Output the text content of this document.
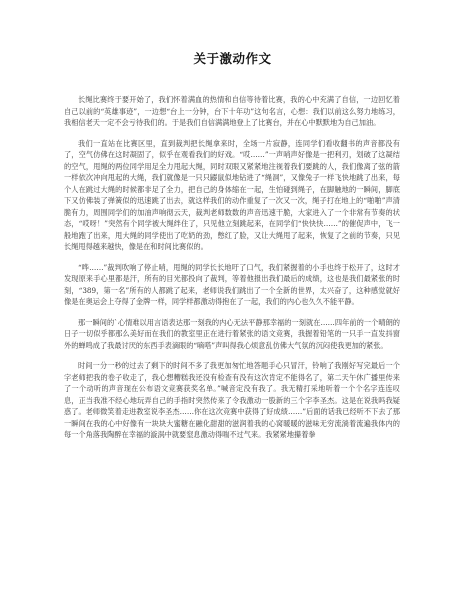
关于激动作文

长绳比赛终于要开始了，我们怀着满血的热情和自信等待着比赛，我的心中充满了自信，一边回忆着自己以前的“英雄事迹”，一边想“台上一分钟，台下十年功”这句名言，心想：我们以前这么努力地练习，我相信老天一定不会亏待我们的。于是我们自信满满地登上了比赛台，并在心中默默地为自己加油。

我们一直站在比赛区里，直到裁判把长绳拿来时，全场一片寂静，连同学们看收翻书的声音都没有了，空气仿佛在这时凝固了，似乎在观看我们的好戏。“哎……”一声哨声好像是一把利刃，划破了这凝结的空气，甩绳的两位同学用足全力甩起大绳，同时双眼又紧紧地注视着我们要跳的人，我们像离了弦的箭一样依次冲向甩起的大绳，我们就像是一只只鼹鼠似地钻进了“绳洞”，又像兔子一样飞快地跳了出来，每个人在跳过大绳的时候都非足了全力，把自己的身体缩在一起，生怕碰到绳子，在脚触地的一瞬间，脚底下又仿佛装了弹簧似的迅速跳了出去，就这样我们的动作重复了一次又一次，绳子打在地上的“啪啪”声清脆有力，周围同学们的加油声响彻云天，裁判老师数数的声音迅速干脆，大家进入了一个非常有节奏的状态，“哎呀！”突然有个同学被大绳绊住了，只见他立刻跳起来，在同学们“快快快……”的催促声中，飞一般地跑了出来，甩大绳的同学使出了吃奶的劲，憋红了脸，又让大绳甩了起来，恢复了之前的节奏，只见长绳甩得越来越快，像是在和时间比赛似的。

“哗……”裁判吹响了停止哨，甩绳的同学长长地吁了口气，我们紧握着的小手也终于松开了，这时才发现原来手心里都是汗，所有的目光都投向了裁判，等着他报出我们最后的成绩，这也是我们最紧张的时刻，“389，第一名”所有的人都跳了起来，老师说我们跳出了一个全新的世界，太兴奋了，这种感觉就好像是在奥运会上夺得了金牌一样，同学样都激动得抱在了一起，我们的内心也久久不能平静。

那一瞬间的`心情难以用言语表达那一刻我的内心无法平静那幸福的一刻就在……四年前的一个晴朗的日子一切似乎都那么美好而在我们的教室里正在进行着紧张的语文竞赛，我握着铅笔的一只手一直发抖窗外的蝉鸣成了我最讨厌的东西手表滴眼的“嘀嗒”声叫得我心烦意乱仿佛大气氛的沉闷使我更加的紧张。

时间一分一秒的过去了剩下的时间不多了我更加匆忙地答题手心只冒汗，铃响了我刚好写完最后一个字老师把我的卷子收走了，我心想糟糕我还没有检查有没有这次肯定不能得名了，第二天午休广播里传来了一个动听的声音现在公布语文竞赛获奖名单。”喊音定没有我了。我无精打采地听着一个个名字连连叹息，正当我准不经心地玩弄自己的手指时突然传来了令我激动一股新的三个字李圣杰。这是在说我吗我疑惑了。老师微笑着走进教室说李圣杰……你在这次竞赛中获得了好成绩……”后面的话我已经听不下去了那一瞬间在我的心中好像有一块块大蜜糖在融化甜甜的滋润着我的心窝暖暖的滋味无穷流淌着流遍我体内的每一个角落我陶醉在幸福的漩涡中就要窒息激动得喘不过气来。我紧紧地攥着拳
